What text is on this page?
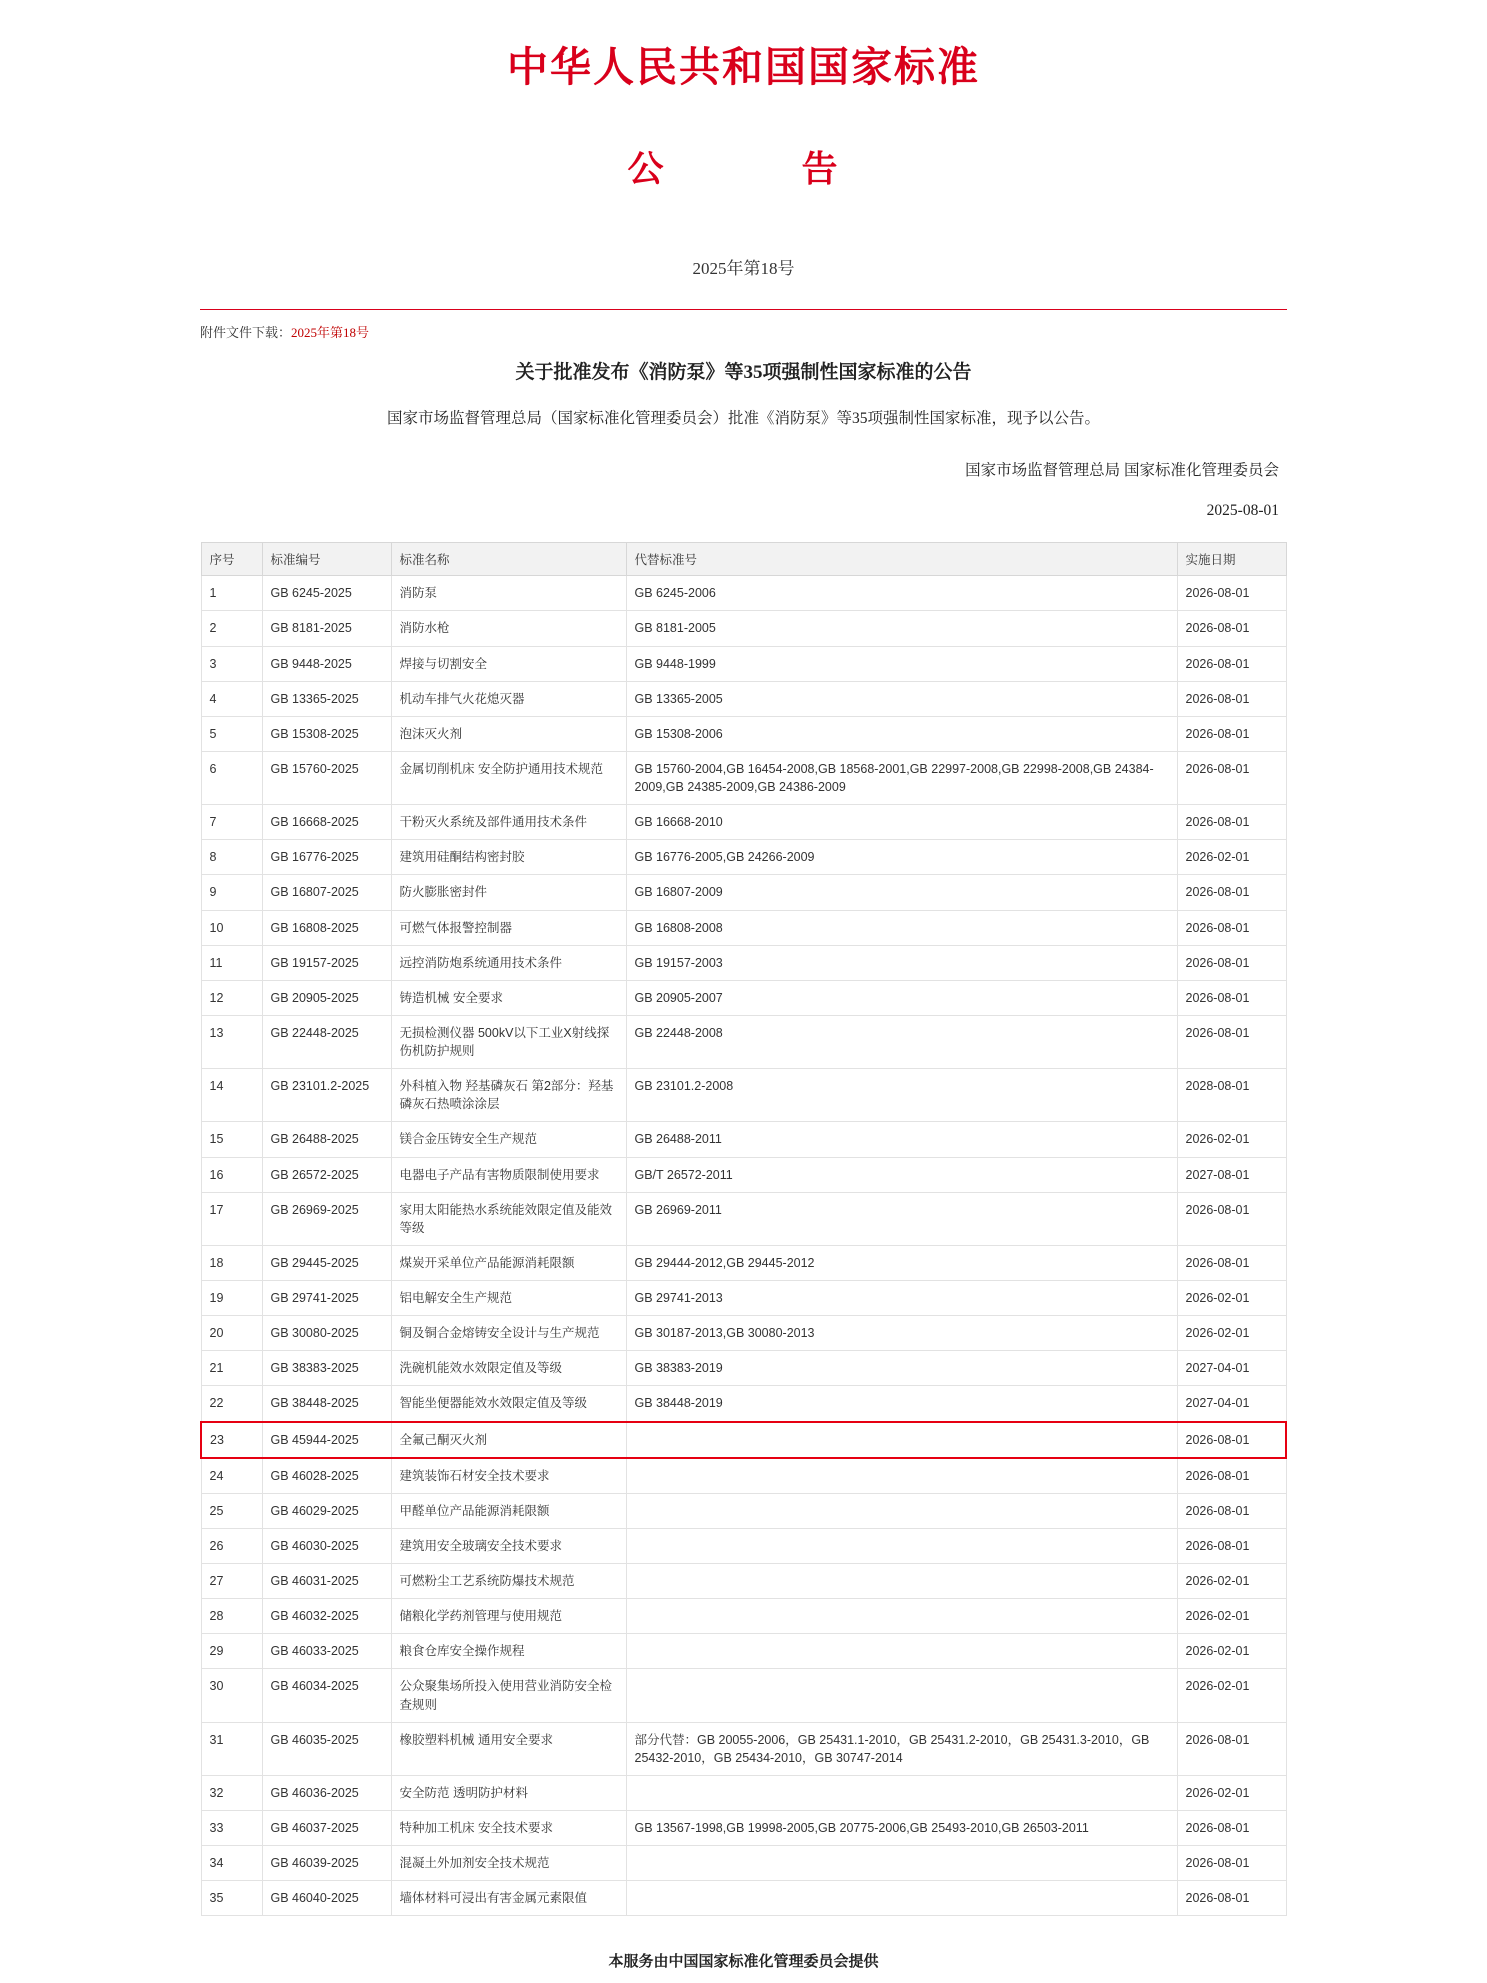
中华人民共和国国家标准
公　　告
2025年第18号
附件文件下载：2025年第18号
关于批准发布《消防泵》等35项强制性国家标准的公告
国家市场监督管理总局（国家标准化管理委员会）批准《消防泵》等35项强制性国家标准，现予以公告。
国家市场监督管理总局 国家标准化管理委员会
2025-08-01
序号	标准编号	标准名称	代替标准号	实施日期
1	GB 6245-2025	消防泵	GB 6245-2006	2026-08-01
2	GB 8181-2025	消防水枪	GB 8181-2005	2026-08-01
3	GB 9448-2025	焊接与切割安全	GB 9448-1999	2026-08-01
4	GB 13365-2025	机动车排气火花熄灭器	GB 13365-2005	2026-08-01
5	GB 15308-2025	泡沫灭火剂	GB 15308-2006	2026-08-01
6	GB 15760-2025	金属切削机床 安全防护通用技术规范	GB 15760-2004,GB 16454-2008,GB 18568-2001,GB 22997-2008,GB 22998-2008,GB 24384-2009,GB 24385-2009,GB 24386-2009	2026-08-01
7	GB 16668-2025	干粉灭火系统及部件通用技术条件	GB 16668-2010	2026-08-01
8	GB 16776-2025	建筑用硅酮结构密封胶	GB 16776-2005,GB 24266-2009	2026-02-01
9	GB 16807-2025	防火膨胀密封件	GB 16807-2009	2026-08-01
10	GB 16808-2025	可燃气体报警控制器	GB 16808-2008	2026-08-01
11	GB 19157-2025	远控消防炮系统通用技术条件	GB 19157-2003	2026-08-01
12	GB 20905-2025	铸造机械 安全要求	GB 20905-2007	2026-08-01
13	GB 22448-2025	无损检测仪器 500kV以下工业X射线探伤机防护规则	GB 22448-2008	2026-08-01
14	GB 23101.2-2025	外科植入物 羟基磷灰石 第2部分：羟基磷灰石热喷涂涂层	GB 23101.2-2008	2028-08-01
15	GB 26488-2025	镁合金压铸安全生产规范	GB 26488-2011	2026-02-01
16	GB 26572-2025	电器电子产品有害物质限制使用要求	GB/T 26572-2011	2027-08-01
17	GB 26969-2025	家用太阳能热水系统能效限定值及能效等级	GB 26969-2011	2026-08-01
18	GB 29445-2025	煤炭开采单位产品能源消耗限额	GB 29444-2012,GB 29445-2012	2026-08-01
19	GB 29741-2025	铝电解安全生产规范	GB 29741-2013	2026-02-01
20	GB 30080-2025	铜及铜合金熔铸安全设计与生产规范	GB 30187-2013,GB 30080-2013	2026-02-01
21	GB 38383-2025	洗碗机能效水效限定值及等级	GB 38383-2019	2027-04-01
22	GB 38448-2025	智能坐便器能效水效限定值及等级	GB 38448-2019	2027-04-01
23	GB 45944-2025	全氟己酮灭火剂		2026-08-01
24	GB 46028-2025	建筑装饰石材安全技术要求		2026-08-01
25	GB 46029-2025	甲醛单位产品能源消耗限额		2026-08-01
26	GB 46030-2025	建筑用安全玻璃安全技术要求		2026-08-01
27	GB 46031-2025	可燃粉尘工艺系统防爆技术规范		2026-02-01
28	GB 46032-2025	储粮化学药剂管理与使用规范		2026-02-01
29	GB 46033-2025	粮食仓库安全操作规程		2026-02-01
30	GB 46034-2025	公众聚集场所投入使用营业消防安全检查规则		2026-02-01
31	GB 46035-2025	橡胶塑料机械 通用安全要求	部分代替：GB 20055-2006，GB 25431.1-2010，GB 25431.2-2010，GB 25431.3-2010，GB 25432-2010，GB 25434-2010，GB 30747-2014	2026-08-01
32	GB 46036-2025	安全防范 透明防护材料		2026-02-01
33	GB 46037-2025	特种加工机床 安全技术要求	GB 13567-1998,GB 19998-2005,GB 20775-2006,GB 25493-2010,GB 26503-2011	2026-08-01
34	GB 46039-2025	混凝土外加剂安全技术规范		2026-08-01
35	GB 46040-2025	墙体材料可浸出有害金属元素限值		2026-08-01
本服务由中国国家标准化管理委员会提供
